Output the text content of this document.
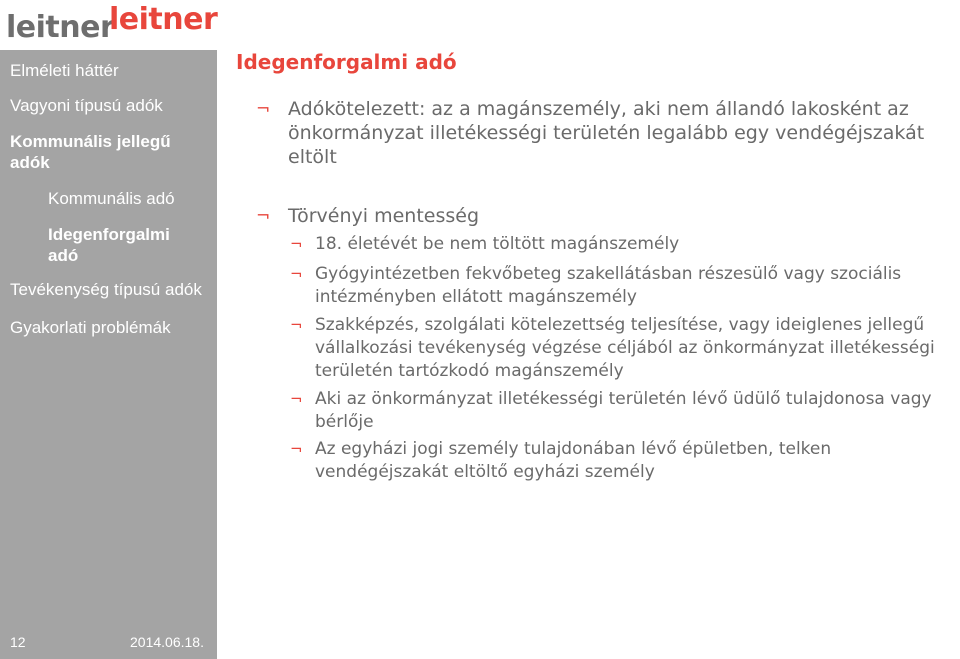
leitner
leitner
Elméleti háttér
Vagyoni típusú adók
Kommunális jellegű adók
Kommunális adó
Idegenforgalmi adó
Tevékenység típusú adók
Gyakorlati problémák
12	2014.06.18.
Idegenforgalmi adó
¬ Adókötelezett: az a magánszemély, aki nem állandó lakosként az önkormányzat illetékességi területén legalább egy vendégéjszakát eltölt
¬ Törvényi mentesség
¬ 18. életévét be nem töltött magánszemély
¬ Gyógyintézetben fekvőbeteg szakellátásban részesülő vagy szociális intézményben ellátott magánszemély
¬ Szakképzés, szolgálati kötelezettség teljesítése, vagy ideiglenes jellegű vállalkozási tevékenység végzése céljából az önkormányzat illetékességi területén tartózkodó magánszemély
¬ Aki az önkormányzat illetékességi területén lévő üdülő tulajdonosa vagy bérlője
¬ Az egyházi jogi személy tulajdonában lévő épületben, telken vendégéjszakát eltöltő egyházi személy
